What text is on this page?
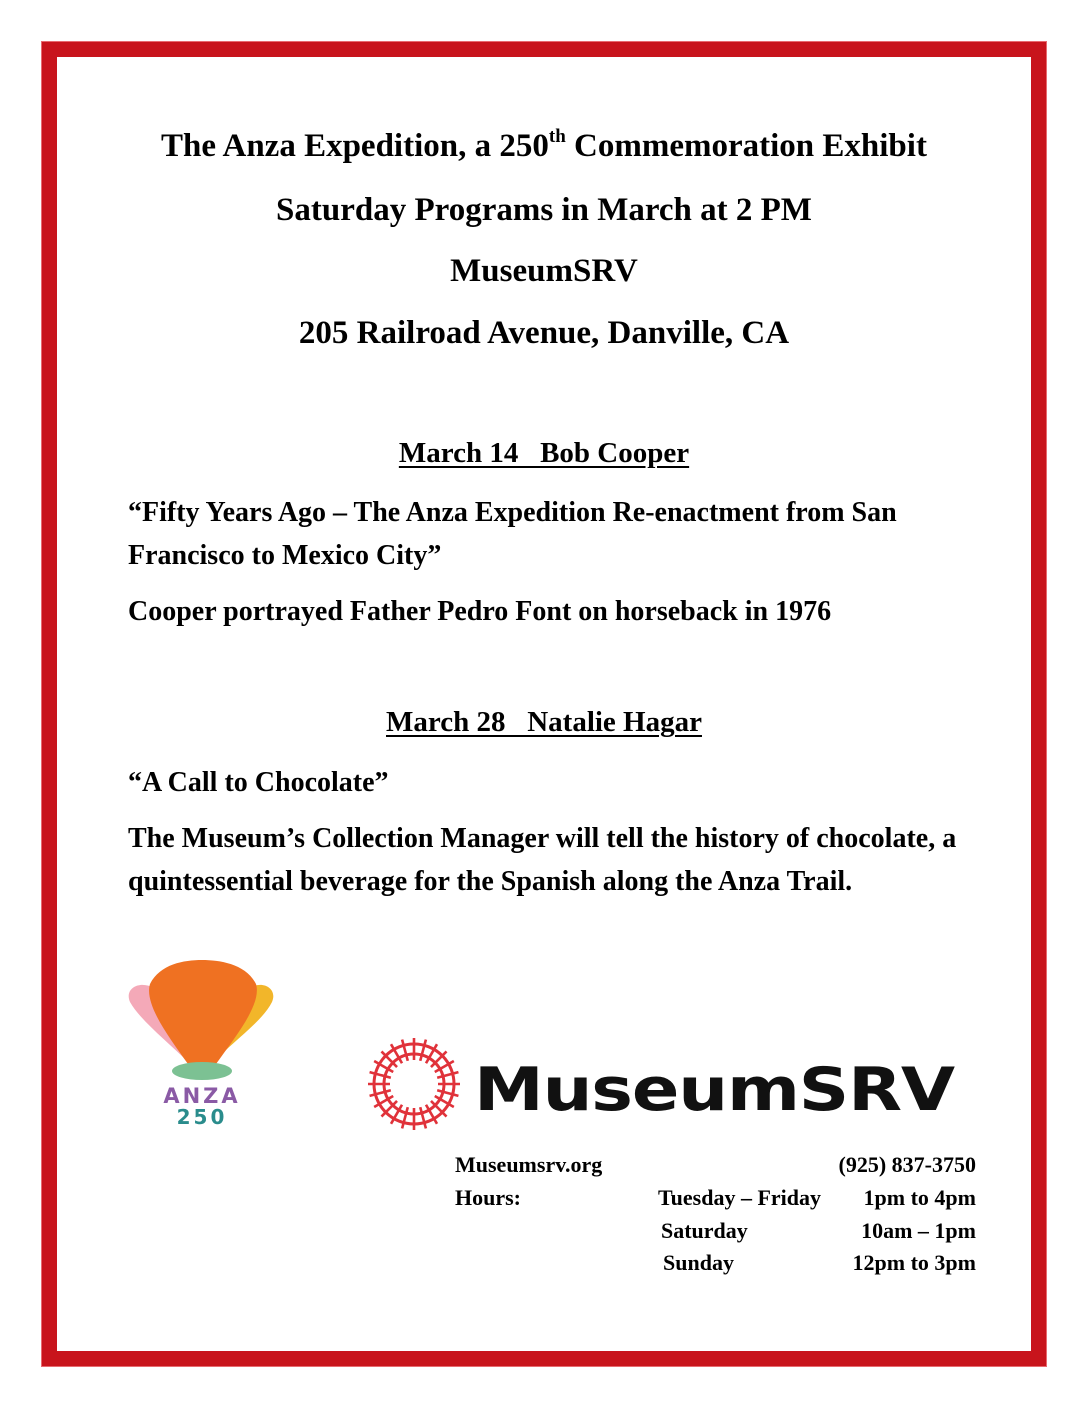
The Anza Expedition, a 250th Commemoration Exhibit

Saturday Programs in March at 2 PM

MuseumSRV

205 Railroad Avenue, Danville, CA

March 14   Bob Cooper

“Fifty Years Ago – The Anza Expedition Re-enactment from San Francisco to Mexico City”

Cooper portrayed Father Pedro Font on horseback in 1976

March 28   Natalie Hagar

“A Call to Chocolate”

The Museum’s Collection Manager will tell the history of chocolate, a quintessential beverage for the Spanish along the Anza Trail.

ANZA
250	MuseumSRV

Museumsrv.org	(925) 837-3750

Hours:	Tuesday – Friday	1pm to 4pm

Saturday	10am – 1pm

Sunday	12pm to 3pm
